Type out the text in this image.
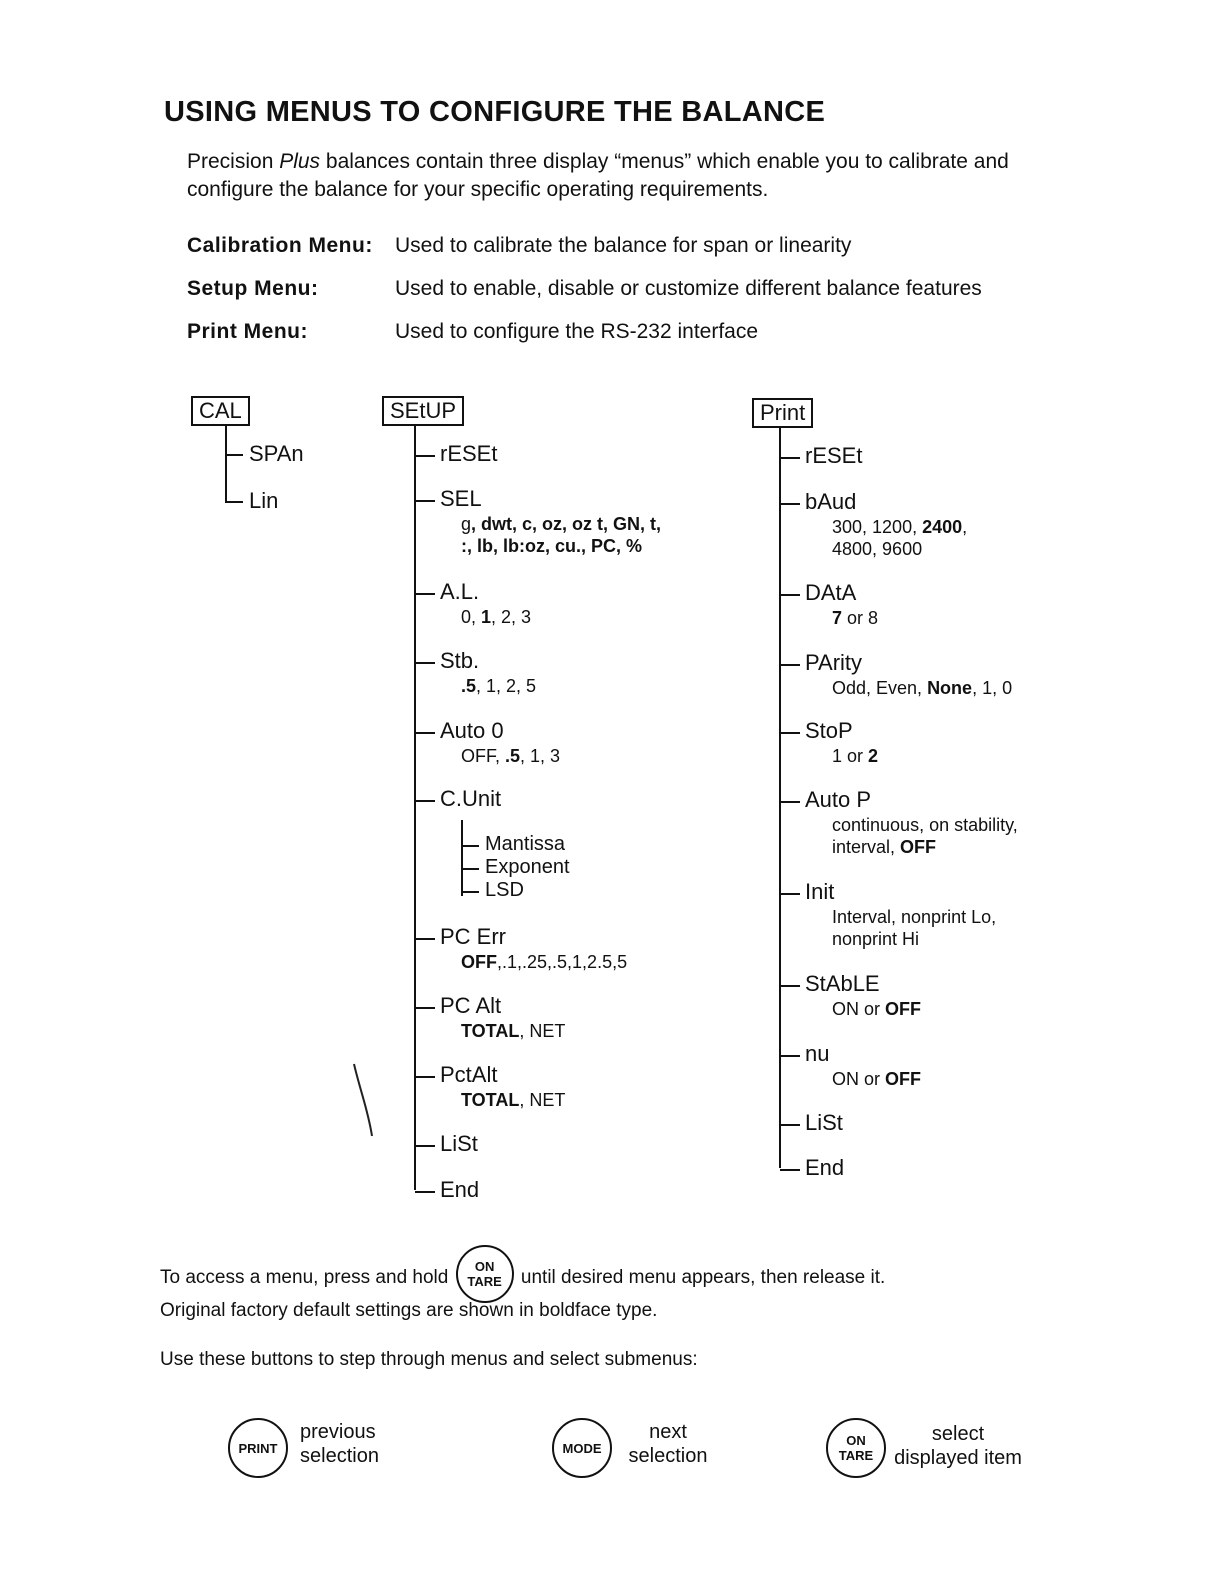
USING MENUS TO CONFIGURE THE BALANCE
Precision Plus balances contain three display “menus” which enable you to calibrate and configure the balance for your specific operating requirements.
Calibration Menu: Used to calibrate the balance for span or linearity
Setup Menu:	Used to enable, disable or customize different balance features
Print Menu:	Used to configure the RS-232 interface
CAL
SPAn
Lin
SEtUP
rESEt
SEL
g, dwt, c, oz, oz t, GN, t,
:, lb, lb:oz, cu., PC, %
A.L.
0, 1, 2, 3
Stb.
.5, 1, 2, 5
Auto 0
OFF, .5, 1, 3
C.Unit
Mantissa
Exponent
LSD
PC Err
OFF,.1,.25,.5,1,2.5,5
PC Alt
TOTAL, NET
PctAlt
TOTAL, NET
LiSt
End
Print
rESEt
bAud
300, 1200, 2400,
4800, 9600
DAtA
7 or 8
PArity
Odd, Even, None, 1, 0
StoP
1 or 2
Auto P
continuous, on stability,
interval, OFF
Init
Interval, nonprint Lo,
nonprint Hi
StAbLE
ON or OFF
nu
ON or OFF
LiSt
End
To access a menu, press and hold
ON
TARE until desired menu appears, then release it.
Original factory default settings are shown in boldface type.
Use these buttons to step through menus and select submenus:
PRINT
previous
selection	MODE
next
selection
ON
TARE
select
displayed item
